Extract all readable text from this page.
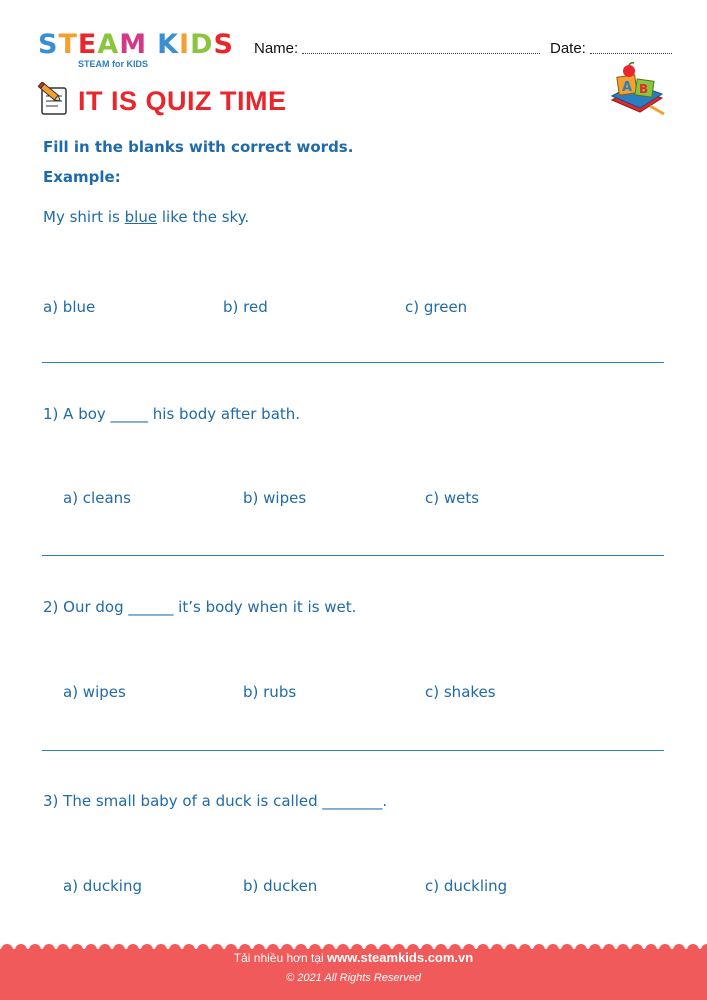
STEAM KIDS
STEAM for KIDS
Name:	Date:
IT IS QUIZ TIME	A B
Fill in the blanks with correct words.
Example:
My shirt is blue like the sky.
a) blue	b) red	c) green
1) A boy _____ his body after bath.
a) cleans	b) wipes	c) wets
2) Our dog ______ it’s body when it is wet.
a) wipes	b) rubs	c) shakes
3) The small baby of a duck is called ________.
a) ducking	b) ducken	c) duckling
Tải nhiều hơn tại www.steamkids.com.vn
© 2021 All Rights Reserved
